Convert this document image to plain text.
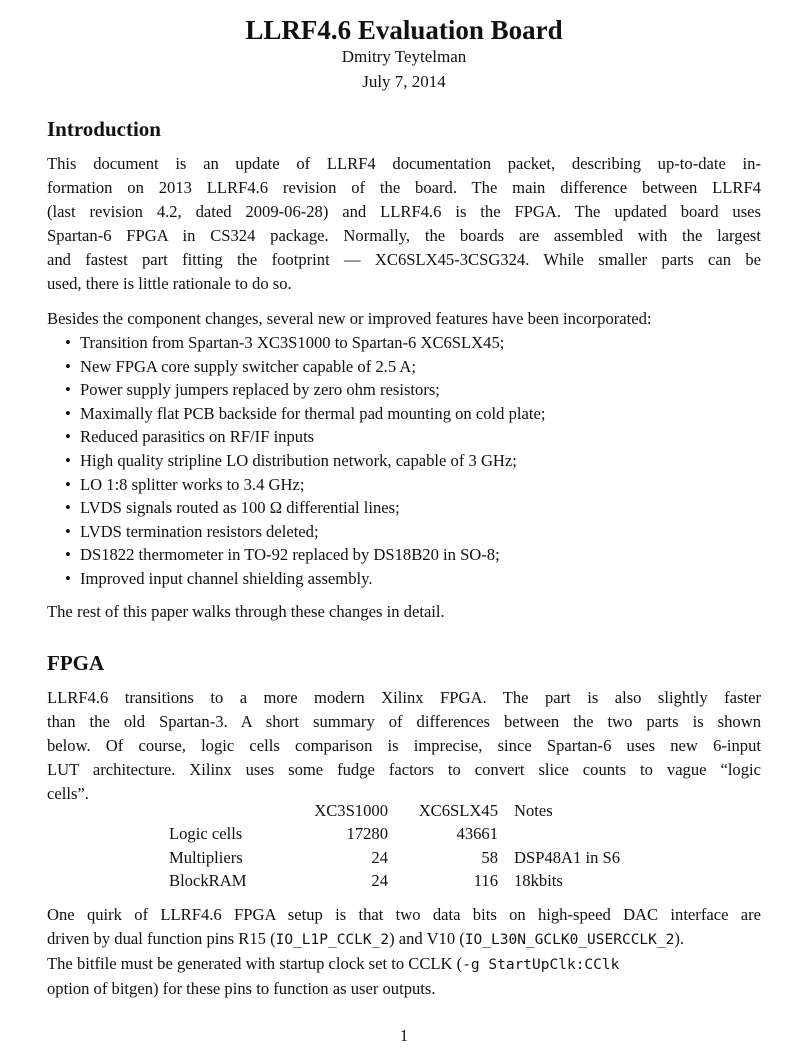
LLRF4.6 Evaluation Board
Dmitry Teytelman
July 7, 2014
Introduction
This document is an update of LLRF4 documentation packet, describing up-to-date in-
formation on 2013 LLRF4.6 revision of the board. The main difference between LLRF4
(last revision 4.2, dated 2009-06-28) and LLRF4.6 is the FPGA. The updated board uses
Spartan-6 FPGA in CS324 package. Normally, the boards are assembled with the largest
and fastest part fitting the footprint — XC6SLX45-3CSG324. While smaller parts can be
used, there is little rationale to do so.
Besides the component changes, several new or improved features have been incorporated:
• Transition from Spartan-3 XC3S1000 to Spartan-6 XC6SLX45;
• New FPGA core supply switcher capable of 2.5 A;
• Power supply jumpers replaced by zero ohm resistors;
• Maximally flat PCB backside for thermal pad mounting on cold plate;
• Reduced parasitics on RF/IF inputs
• High quality stripline LO distribution network, capable of 3 GHz;
• LO 1:8 splitter works to 3.4 GHz;
• LVDS signals routed as 100 Ω differential lines;
• LVDS termination resistors deleted;
• DS1822 thermometer in TO-92 replaced by DS18B20 in SO-8;
• Improved input channel shielding assembly.
The rest of this paper walks through these changes in detail.
FPGA
LLRF4.6 transitions to a more modern Xilinx FPGA. The part is also slightly faster
than the old Spartan-3. A short summary of differences between the two parts is shown
below. Of course, logic cells comparison is imprecise, since Spartan-6 uses new 6-input
LUT architecture. Xilinx uses some fudge factors to convert slice counts to vague “logic
cells”.
	XC3S1000	XC6SLX45	Notes
Logic cells	17280	43661	
Multipliers	24	58	DSP48A1 in S6
BlockRAM	24	116	18kbits
One quirk of LLRF4.6 FPGA setup is that two data bits on high-speed DAC interface are
driven by dual function pins R15 (IO_L1P_CCLK_2) and V10 (IO_L30N_GCLK0_USERCCLK_2).
The bitfile must be generated with startup clock set to CCLK (-g StartUpClk:CClk
option of bitgen) for these pins to function as user outputs.
1
